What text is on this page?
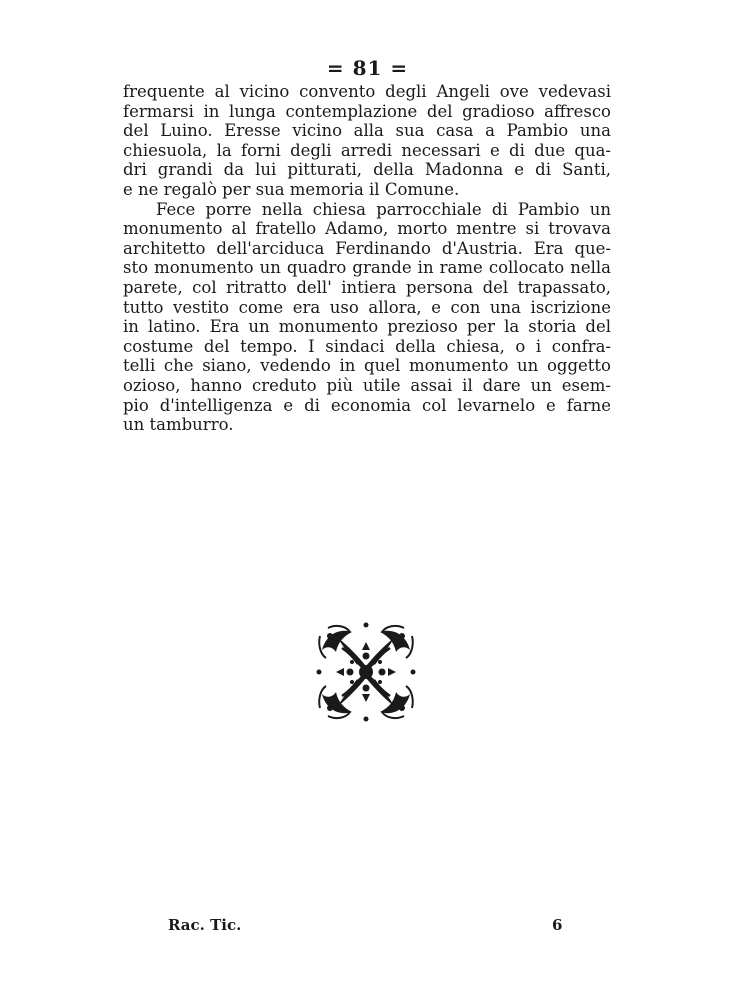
= 81 =
frequente al vicino convento degli Angeli ove vedevasi
fermarsi in lunga contemplazione del gradioso affresco
del Luino. Eresse vicino alla sua casa a Pambio una
chiesuola, la forni degli arredi necessari e di due qua-
dri grandi da lui pitturati, della Madonna e di Santi,
e ne regalò per sua memoria il Comune.
Fece porre nella chiesa parrocchiale di Pambio un
monumento al fratello Adamo, morto mentre si trovava
architetto dell'arciduca Ferdinando d'Austria. Era que-
sto monumento un quadro grande in rame collocato nella
parete, col ritratto dell' intiera persona del trapassato,
tutto vestito come era uso allora, e con una iscrizione
in latino. Era un monumento prezioso per la storia del
costume del tempo. I sindaci della chiesa, o i confra-
telli che siano, vedendo in quel monumento un oggetto
ozioso, hanno creduto più utile assai il dare un esem-
pio d'intelligenza e di economia col levarnelo e farne
un tamburro.
Rac. Tic.	6
